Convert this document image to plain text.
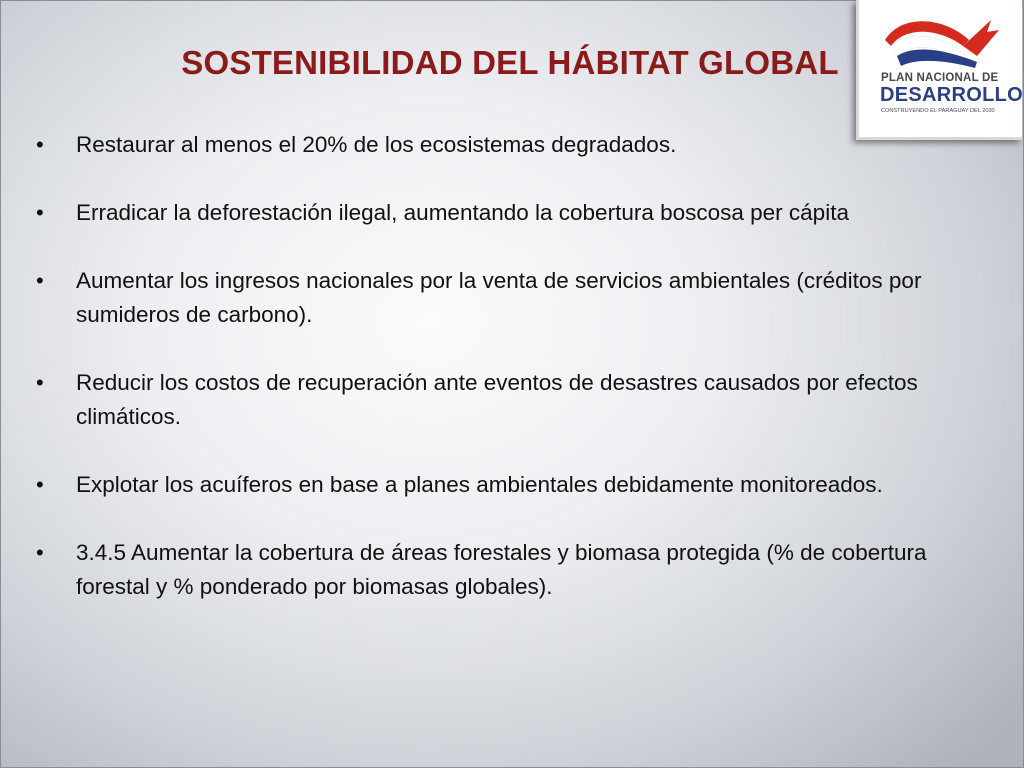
SOSTENIBILIDAD DEL HÁBITAT GLOBAL	PLAN NACIONAL DE
DESARROLLO
CONSTRUYENDO EL PARAGUAY DEL 2030
• Restaurar al menos el 20% de los ecosistemas degradados.
• Erradicar la deforestación ilegal, aumentando la cobertura boscosa per cápita
• Aumentar los ingresos nacionales por la venta de servicios ambientales (créditos por sumideros de carbono).
• Reducir los costos de recuperación ante eventos de desastres causados por efectos climáticos.
• Explotar los acuíferos en base a planes ambientales debidamente monitoreados.
• 3.4.5 Aumentar la cobertura de áreas forestales y biomasa protegida (% de cobertura forestal y % ponderado por biomasas globales).
